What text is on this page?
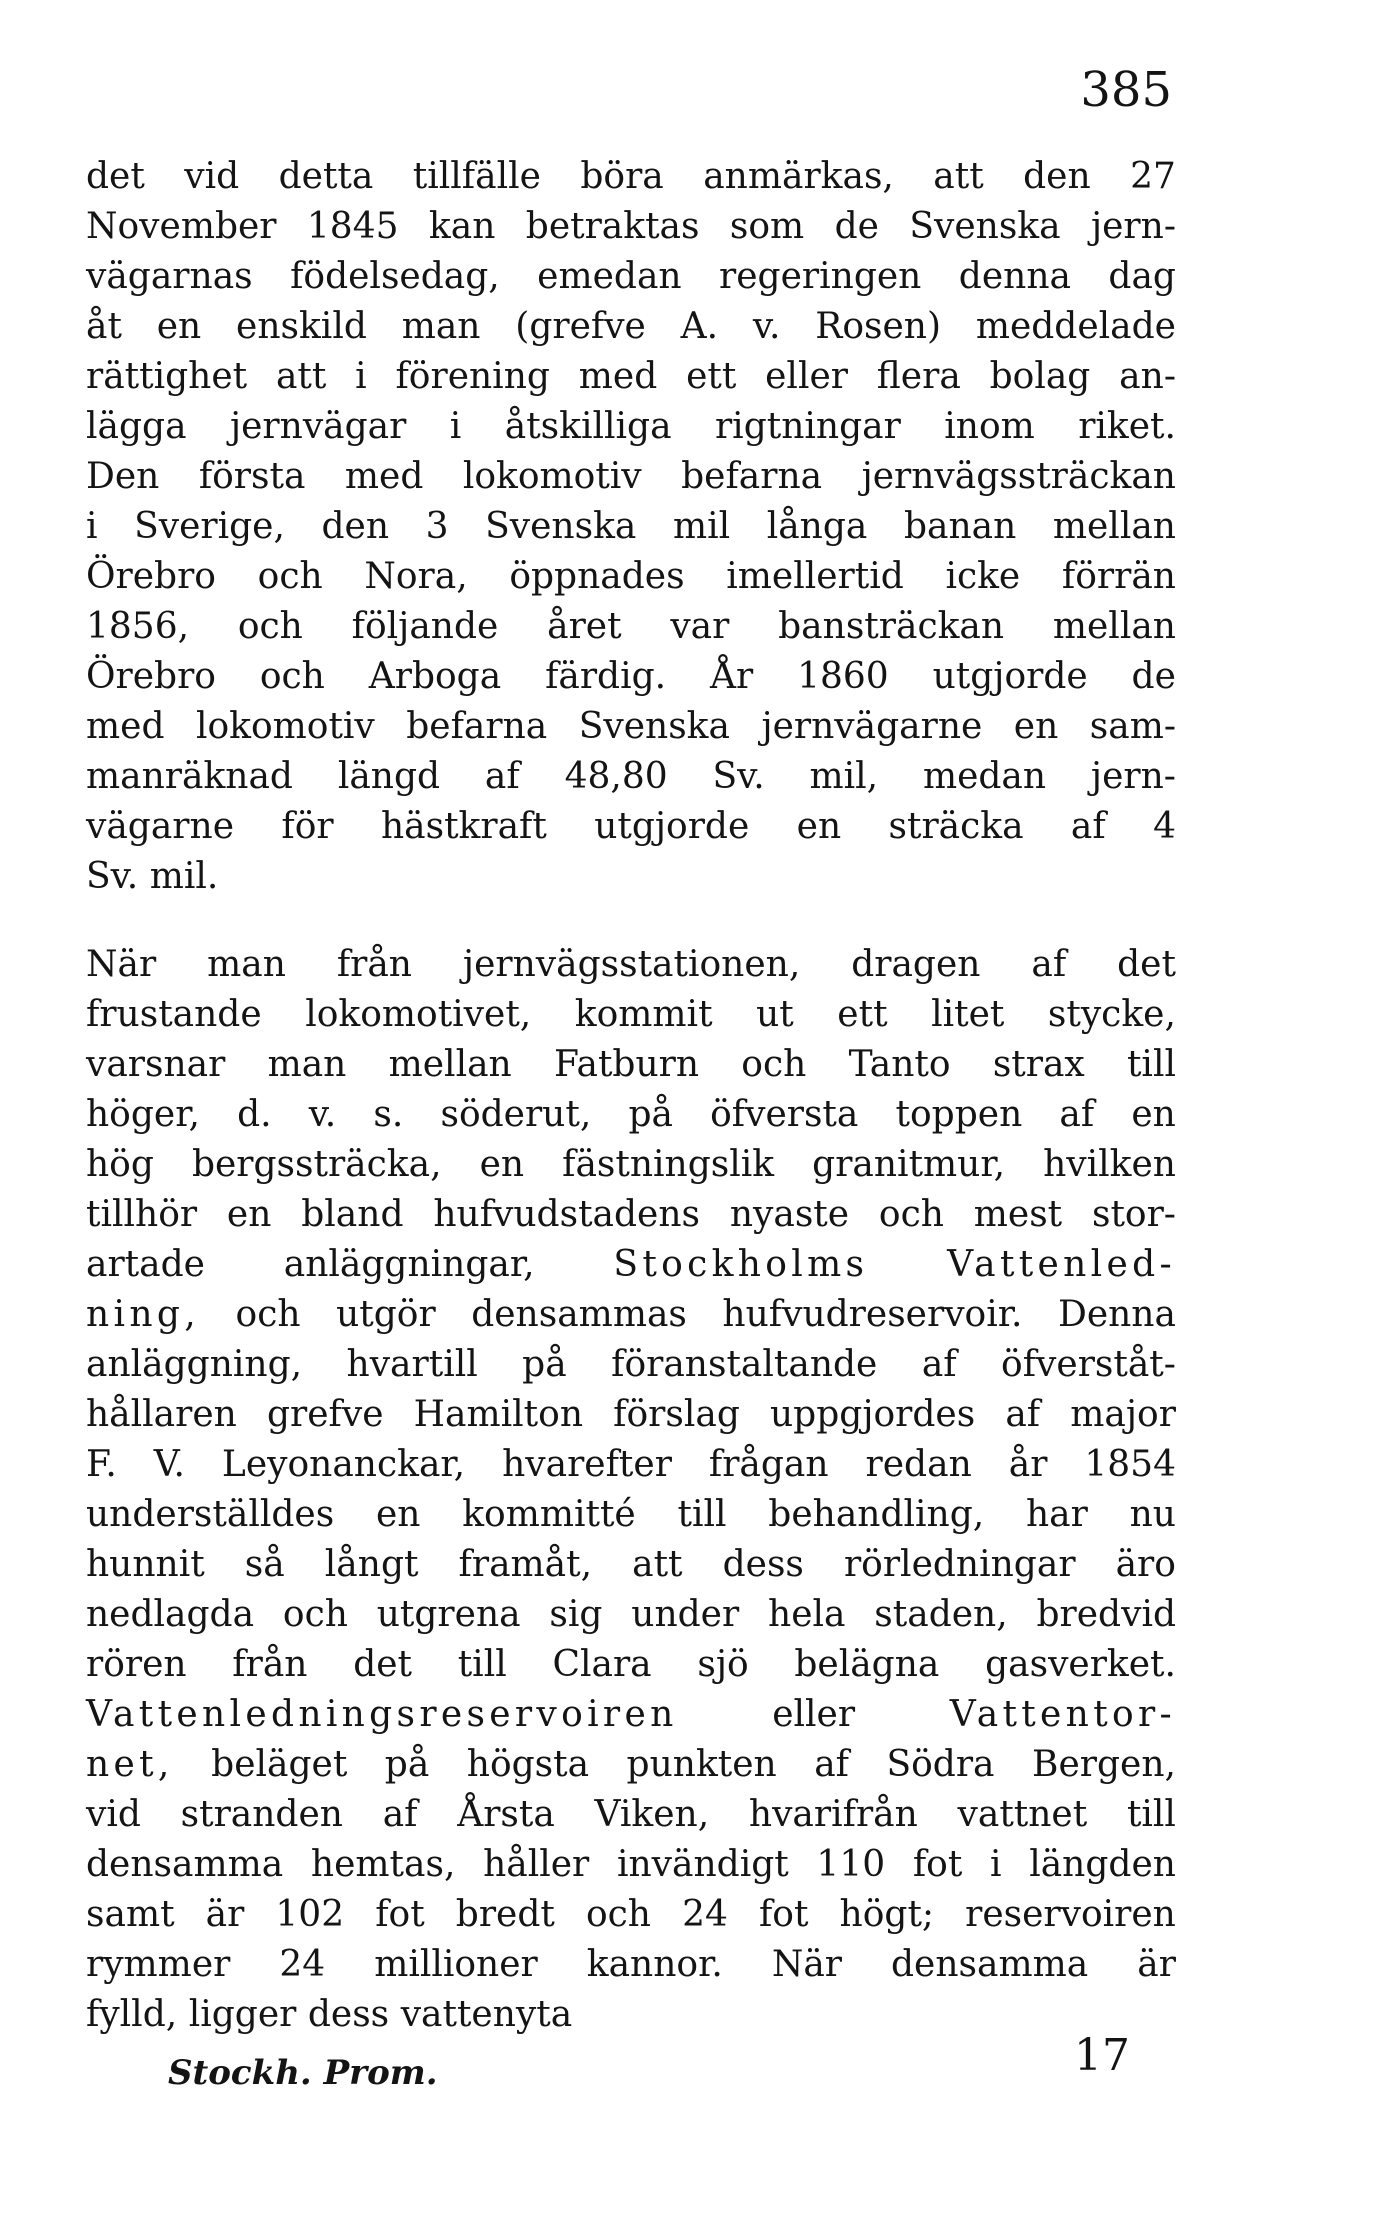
385
det vid detta tillfälle böra anmärkas, att den 27
November 1845 kan betraktas som de Svenska jern-
vägarnas födelsedag, emedan regeringen denna dag
åt en enskild man (grefve A. v. Rosen) meddelade
rättighet att i förening med ett eller flera bolag an-
lägga jernvägar i åtskilliga rigtningar inom riket.
Den första med lokomotiv befarna jernvägssträckan
i Sverige, den 3 Svenska mil långa banan mellan
Örebro och Nora, öppnades imellertid icke förrän
1856, och följande året var bansträckan mellan
Örebro och Arboga färdig. År 1860 utgjorde de
med lokomotiv befarna Svenska jernvägarne en sam-
manräknad längd af 48,80 Sv. mil, medan jern-
vägarne för hästkraft utgjorde en sträcka af 4
Sv. mil.
När man från jernvägsstationen, dragen af det
frustande lokomotivet, kommit ut ett litet stycke,
varsnar man mellan Fatburn och Tanto strax till
höger, d. v. s. söderut, på öfversta toppen af en
hög bergssträcka, en fästningslik granitmur, hvilken
tillhör en bland hufvudstadens nyaste och mest stor-
artade anläggningar, Stockholms Vattenled-
ning, och utgör densammas hufvudreservoir. Denna
anläggning, hvartill på föranstaltande af öfverståt-
hållaren grefve Hamilton förslag uppgjordes af major
F. V. Leyonanckar, hvarefter frågan redan år 1854
underställdes en kommitté till behandling, har nu
hunnit så långt framåt, att dess rörledningar äro
nedlagda och utgrena sig under hela staden, bredvid
rören från det till Clara sjö belägna gasverket.
Vattenledningsreservoiren	eller	Vattentor-
net, beläget på högsta punkten af Södra Bergen,
vid stranden af Årsta Viken, hvarifrån vattnet till
densamma hemtas, håller invändigt 110 fot i längden
samt är 102 fot bredt och 24 fot högt; reservoiren
rymmer 24 millioner kannor. När densamma är
fylld, ligger dess vattenyta
Stockh. Prom.	17
